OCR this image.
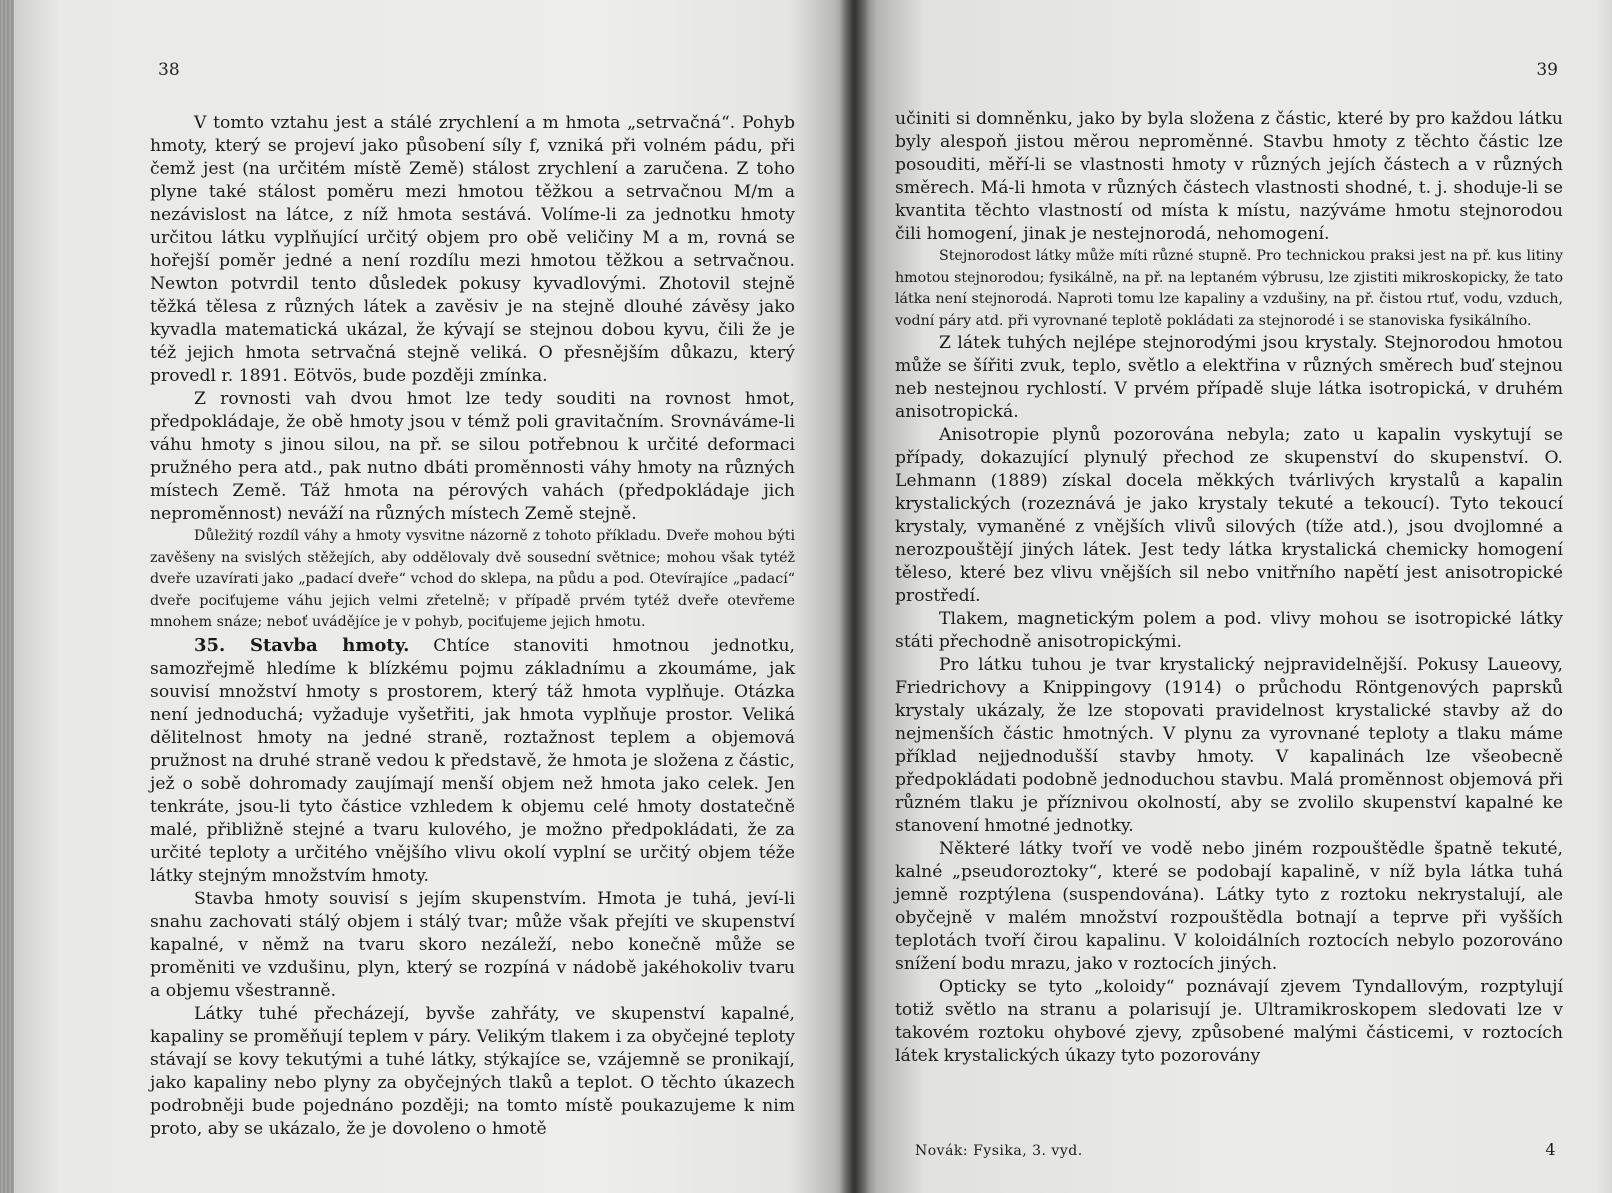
38

V tomto vztahu jest a stálé zrychlení a m hmota „setrvačná“. Pohyb hmoty, který se projeví jako působení síly f, vzniká při volném pádu, při čemž jest (na určitém místě Země) stálost zrychlení a zaručena. Z toho plyne také stálost poměru mezi hmotou těžkou a setrvačnou M/m a nezávislost na látce, z níž hmota sestává. Volíme-li za jednotku hmoty určitou látku vyplňující určitý objem pro obě veličiny M a m, rovná se hořejší poměr jedné a není rozdílu mezi hmotou těžkou a setrvačnou. Newton potvrdil tento důsledek pokusy kyvadlovými. Zhotovil stejně těžká tělesa z různých látek a zavěsiv je na stejně dlouhé závěsy jako kyvadla matematická ukázal, že kývají se stejnou dobou kyvu, čili že je též jejich hmota setrvačná stejně veliká. O přesnějším důkazu, který provedl r. 1891. Eötvös, bude později zmínka.

Z rovnosti vah dvou hmot lze tedy souditi na rovnost hmot, předpokládaje, že obě hmoty jsou v témž poli gravitačním. Srovnáváme-li váhu hmoty s jinou silou, na př. se silou potřebnou k určité deformaci pružného pera atd., pak nutno dbáti proměnnosti váhy hmoty na různých místech Země. Táž hmota na pérových vahách (předpokládaje jich neproměnnost) neváží na různých místech Země stejně.

Důležitý rozdíl váhy a hmoty vysvitne názorně z tohoto příkladu. Dveře mohou býti zavěšeny na svislých stěžejích, aby oddělovaly dvě sousední světnice; mohou však tytéž dveře uzavírati jako „padací dveře“ vchod do sklepa, na půdu a pod. Otevírajíce „padací“ dveře pociťujeme váhu jejich velmi zřetelně; v případě prvém tytéž dveře otevřeme mnohem snáze; neboť uvádějíce je v pohyb, pociťujeme jejich hmotu.

35. Stavba hmoty. Chtíce stanoviti hmotnou jednotku, samozřejmě hledíme k blízkému pojmu základnímu a zkoumáme, jak souvisí množství hmoty s prostorem, který táž hmota vyplňuje. Otázka není jednoduchá; vyžaduje vyšetřiti, jak hmota vyplňuje prostor. Veliká dělitelnost hmoty na jedné straně, roztažnost teplem a objemová pružnost na druhé straně vedou k představě, že hmota je složena z částic, jež o sobě dohromady zaujímají menší objem než hmota jako celek. Jen tenkráte, jsou-li tyto částice vzhledem k objemu celé hmoty dostatečně malé, přibližně stejné a tvaru kulového, je možno předpokládati, že za určité teploty a určitého vnějšího vlivu okolí vyplní se určitý objem téže látky stejným množstvím hmoty.

Stavba hmoty souvisí s jejím skupenstvím. Hmota je tuhá, jeví-li snahu zachovati stálý objem i stálý tvar; může však přejíti ve skupenství kapalné, v němž na tvaru skoro nezáleží, nebo konečně může se proměniti ve vzdušinu, plyn, který se rozpíná v nádobě jakéhokoliv tvaru a objemu všestranně.

Látky tuhé přecházejí, byvše zahřáty, ve skupenství kapalné, kapaliny se proměňují teplem v páry. Velikým tlakem i za obyčejné teploty stávají se kovy tekutými a tuhé látky, stýkajíce se, vzájemně se pronikají, jako kapaliny nebo plyny za obyčejných tlaků a teplot. O těchto úkazech podrobněji bude pojednáno později; na tomto místě poukazujeme k nim proto, aby se ukázalo, že je dovoleno o hmotě

39

učiniti si domněnku, jako by byla složena z částic, které by pro každou látku byly alespoň jistou měrou neproměnné. Stavbu hmoty z těchto částic lze posouditi, měří-li se vlastnosti hmoty v různých jejích částech a v různých směrech. Má-li hmota v různých částech vlastnosti shodné, t. j. shoduje-li se kvantita těchto vlastností od místa k místu, nazýváme hmotu stejnorodou čili homogení, jinak je nestejnorodá, nehomogení.

Stejnorodost látky může míti různé stupně. Pro technickou praksi jest na př. kus litiny hmotou stejnorodou; fysikálně, na př. na leptaném výbrusu, lze zjistiti mikroskopicky, že tato látka není stejnorodá. Naproti tomu lze kapaliny a vzdušiny, na př. čistou rtuť, vodu, vzduch, vodní páry atd. při vyrovnané teplotě pokládati za stejnorodé i se stanoviska fysikálního.

Z látek tuhých nejlépe stejnorodými jsou krystaly. Stejnorodou hmotou může se šířiti zvuk, teplo, světlo a elektřina v různých směrech buď stejnou neb nestejnou rychlostí. V prvém případě sluje látka isotropická, v druhém anisotropická.

Anisotropie plynů pozorována nebyla; zato u kapalin vyskytují se případy, dokazující plynulý přechod ze skupenství do skupenství. O. Lehmann (1889) získal docela měkkých tvárlivých krystalů a kapalin krystalických (rozeznává je jako krystaly tekuté a tekoucí). Tyto tekoucí krystaly, vymaněné z vnějších vlivů silových (tíže atd.), jsou dvojlomné a nerozpouštějí jiných látek. Jest tedy látka krystalická chemicky homogení těleso, které bez vlivu vnějších sil nebo vnitřního napětí jest anisotropické prostředí.

Tlakem, magnetickým polem a pod. vlivy mohou se isotropické látky státi přechodně anisotropickými.

Pro látku tuhou je tvar krystalický nejpravidelnější. Pokusy Laueovy, Friedrichovy a Knippingovy (1914) o průchodu Röntgenových paprsků krystaly ukázaly, že lze stopovati pravidelnost krystalické stavby až do nejmenších částic hmotných. V plynu za vyrovnané teploty a tlaku máme příklad nejjednodušší stavby hmoty. V kapalinách lze všeobecně předpokládati podobně jednoduchou stavbu. Malá proměnnost objemová při různém tlaku je příznivou okolností, aby se zvolilo skupenství kapalné ke stanovení hmotné jednotky.

Některé látky tvoří ve vodě nebo jiném rozpouštědle špatně tekuté, kalné „pseudoroztoky“, které se podobají kapalině, v níž byla látka tuhá jemně rozptýlena (suspendována). Látky tyto z roztoku nekrystalují, ale obyčejně v malém množství rozpouštědla botnají a teprve při vyšších teplotách tvoří čirou kapalinu. V koloidálních roztocích nebylo pozorováno snížení bodu mrazu, jako v roztocích jiných.

Opticky se tyto „koloidy“ poznávají zjevem Tyndallovým, rozptylují totiž světlo na stranu a polarisují je. Ultramikroskopem sledovati lze v takovém roztoku ohybové zjevy, způsobené malými částicemi, v roztocích látek krystalických úkazy tyto pozorovány

Novák: Fysika, 3. vyd.	4
